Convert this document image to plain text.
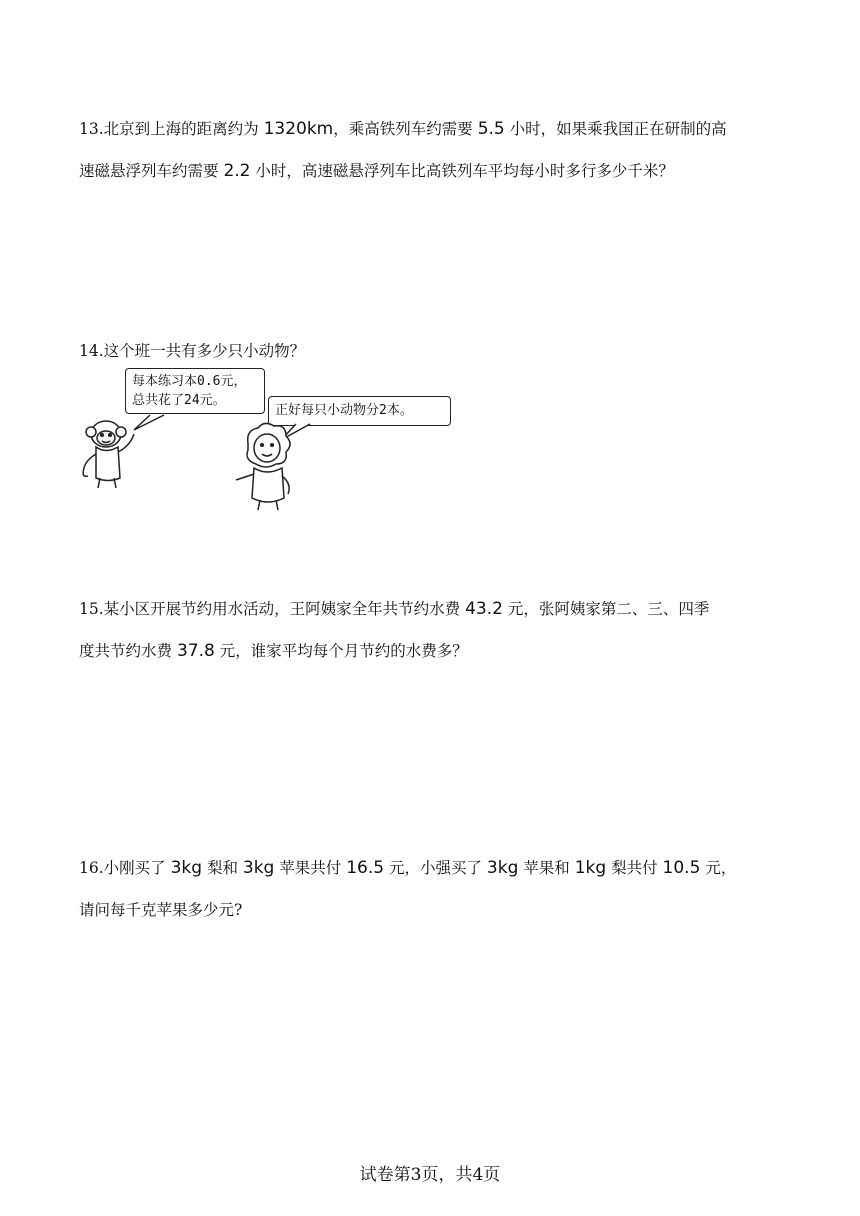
13.北京到上海的距离约为 1320km，乘高铁列车约需要 5.5 小时，如果乘我国正在研制的高

速磁悬浮列车约需要 2.2 小时，高速磁悬浮列车比高铁列车平均每小时多行多少千米？

14.这个班一共有多少只小动物？

每本练习本0.6元，
总共花了24元。
正好每只小动物分2本。

15.某小区开展节约用水活动，王阿姨家全年共节约水费 43.2 元，张阿姨家第二、三、四季

度共节约水费 37.8 元，谁家平均每个月节约的水费多？

16.小刚买了 3kg 梨和 3kg 苹果共付 16.5 元，小强买了 3kg 苹果和 1kg 梨共付 10.5 元，

请问每千克苹果多少元?

试卷第3页，共4页
